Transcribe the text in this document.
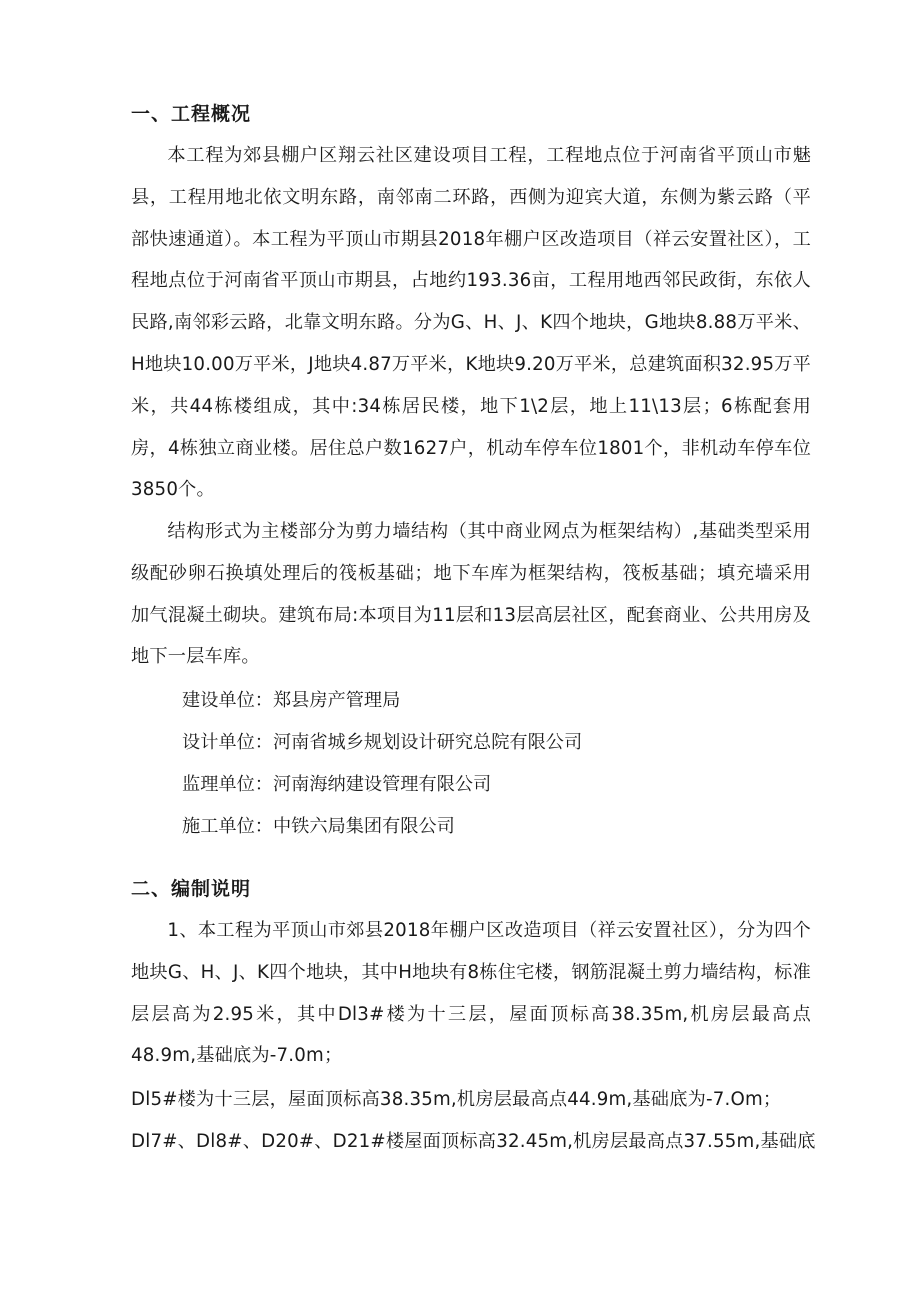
一、工程概况

本工程为郊县棚户区翔云社区建设项目工程，工程地点位于河南省平顶山市魅县，工程用地北依文明东路，南邻南二环路，西侧为迎宾大道，东侧为紫云路（平部快速通道）。本工程为平顶山市期县2018年棚户区改造项目（祥云安置社区），工程地点位于河南省平顶山市期县，占地约193.36亩，工程用地西邻民政街，东依人民路,南邻彩云路，北靠文明东路。分为G、H、J、K四个地块，G地块8.88万平米、H地块10.00万平米，J地块4.87万平米，K地块9.20万平米，总建筑面积32.95万平米，共44栋楼组成，其中:34栋居民楼，地下1\2层，地上11\13层；6栋配套用房，4栋独立商业楼。居住总户数1627户，机动车停车位1801个，非机动车停车位3850个。

结构形式为主楼部分为剪力墙结构（其中商业网点为框架结构）,基础类型采用级配砂卵石换填处理后的筏板基础；地下车库为框架结构，筏板基础；填充墙采用加气混凝土砌块。建筑布局:本项目为11层和13层高层社区，配套商业、公共用房及地下一层车库。

建设单位：郑县房产管理局

设计单位：河南省城乡规划设计研究总院有限公司

监理单位：河南海纳建设管理有限公司

施工单位：中铁六局集团有限公司

二、编制说明

1、本工程为平顶山市郊县2018年棚户区改造项目（祥云安置社区），分为四个地块G、H、J、K四个地块，其中H地块有8栋住宅楼，钢筋混凝土剪力墙结构，标准层层高为2.95米，其中Dl3#楼为十三层，屋面顶标高38.35m,机房层最高点48.9m,基础底为-7.0m；

Dl5#楼为十三层，屋面顶标高38.35m,机房层最高点44.9m,基础底为-7.Om；

Dl7#、Dl8#、D20#、D21#楼屋面顶标高32.45m,机房层最高点37.55m,基础底
